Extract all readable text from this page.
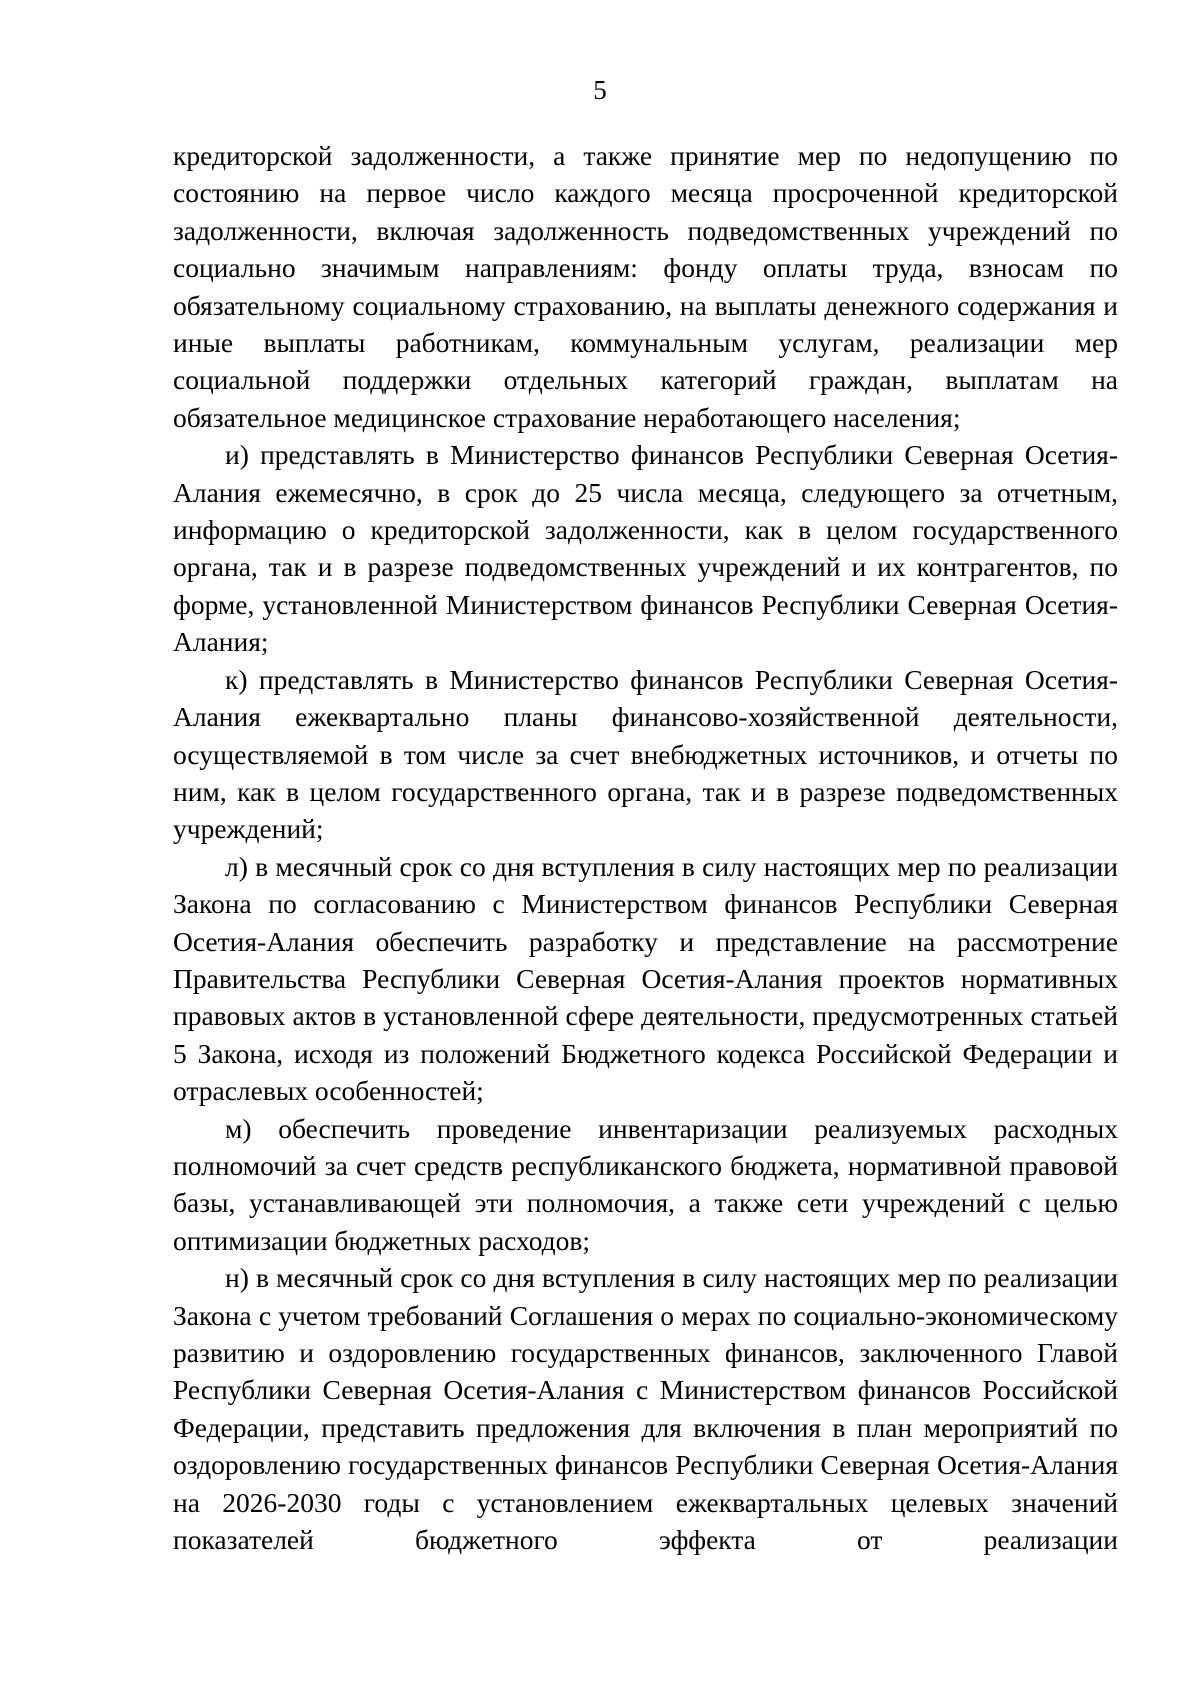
5

кредиторской задолженности, а также принятие мер по недопущению по состоянию на первое число каждого месяца просроченной кредиторской задолженности, включая задолженность подведомственных учреждений по социально значимым направлениям: фонду оплаты труда, взносам по обязательному социальному страхованию, на выплаты денежного содержания и иные выплаты работникам, коммунальным услугам, реализации мер социальной поддержки отдельных категорий граждан, выплатам на обязательное медицинское страхование неработающего населения;

и) представлять в Министерство финансов Республики Северная Осетия-Алания ежемесячно, в срок до 25 числа месяца, следующего за отчетным, информацию о кредиторской задолженности, как в целом государственного органа, так и в разрезе подведомственных учреждений и их контрагентов, по форме, установленной Министерством финансов Республики Северная Осетия-Алания;

к) представлять в Министерство финансов Республики Северная Осетия-Алания ежеквартально планы финансово-хозяйственной деятельности, осуществляемой в том числе за счет внебюджетных источников, и отчеты по ним, как в целом государственного органа, так и в разрезе подведомственных учреждений;

л) в месячный срок со дня вступления в силу настоящих мер по реализации Закона по согласованию с Министерством финансов Республики Северная Осетия-Алания обеспечить разработку и представление на рассмотрение Правительства Республики Северная Осетия-Алания проектов нормативных правовых актов в установленной сфере деятельности, предусмотренных статьей 5 Закона, исходя из положений Бюджетного кодекса Российской Федерации и отраслевых особенностей;

м) обеспечить проведение инвентаризации реализуемых расходных полномочий за счет средств республиканского бюджета, нормативной правовой базы, устанавливающей эти полномочия, а также сети учреждений с целью оптимизации бюджетных расходов;

н) в месячный срок со дня вступления в силу настоящих мер по реализации Закона с учетом требований Соглашения о мерах по социально-экономическому развитию и оздоровлению государственных финансов, заключенного Главой Республики Северная Осетия-Алания с Министерством финансов Российской Федерации, представить предложения для включения в план мероприятий по оздоровлению государственных финансов Республики Северная Осетия-Алания на 2026-2030 годы с установлением ежеквартальных целевых значений показателей бюджетного эффекта от реализации
